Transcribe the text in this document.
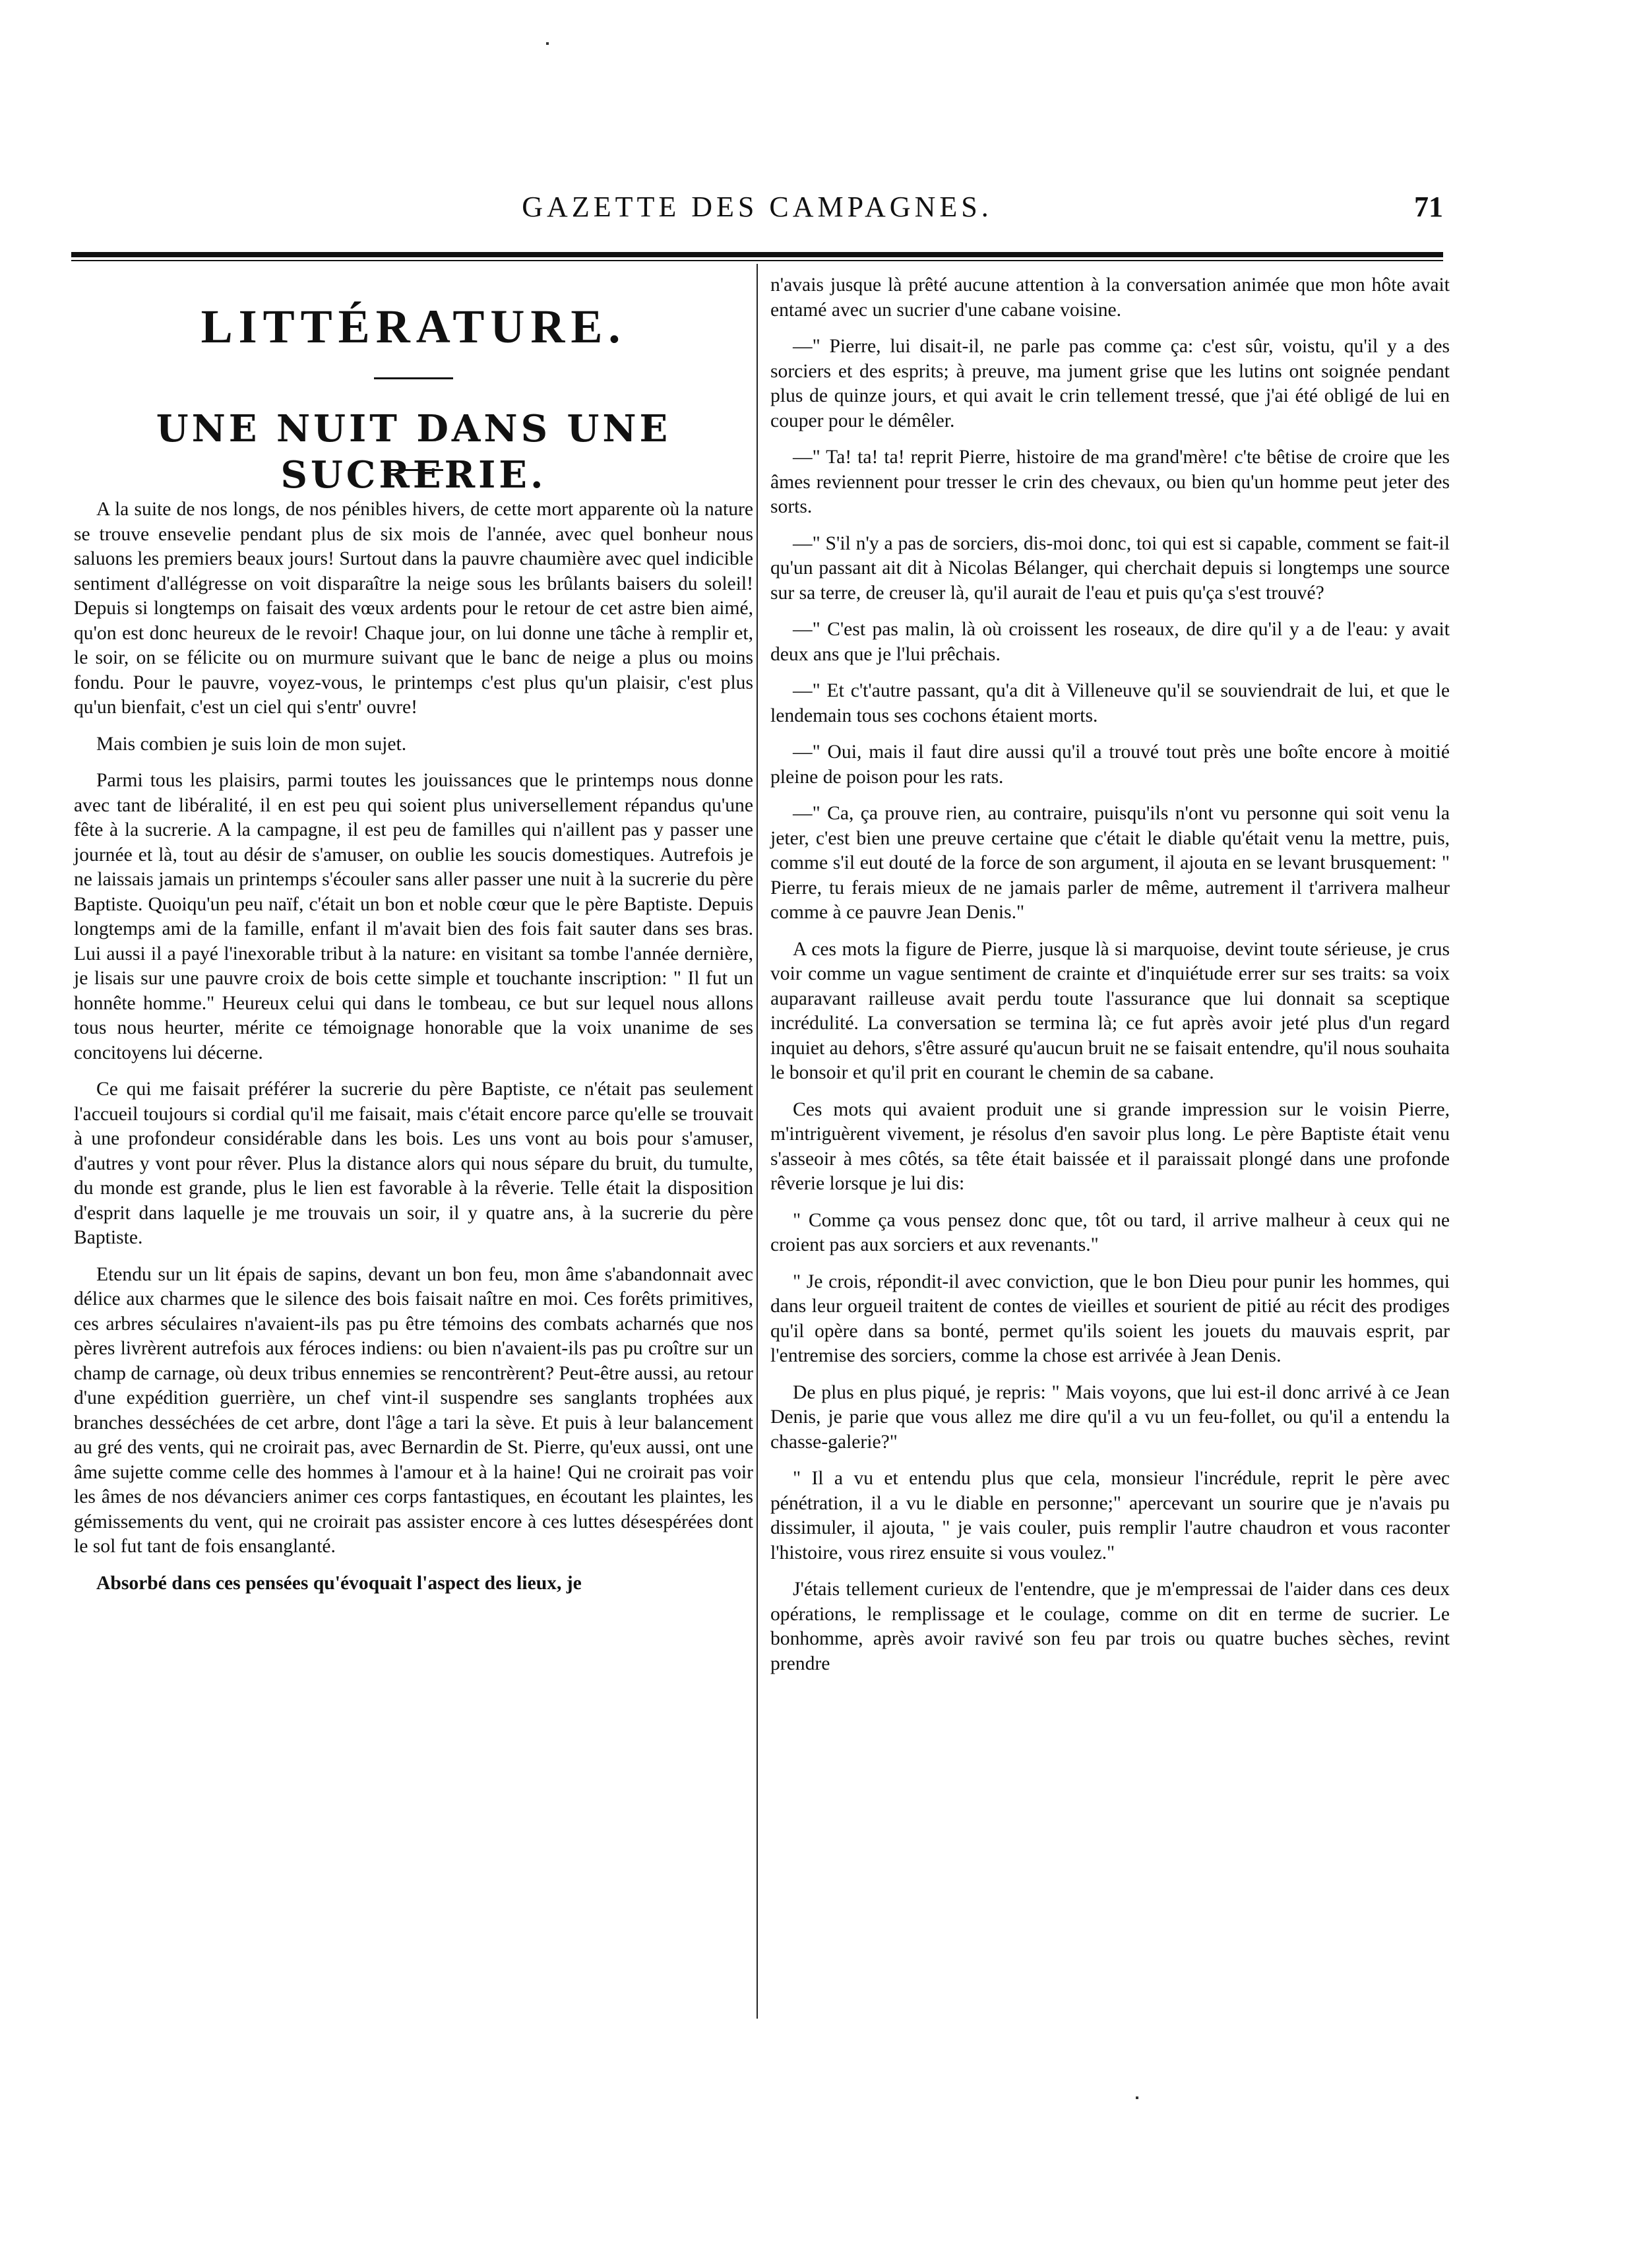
GAZETTE DES CAMPAGNES.	71
LITTÉRATURE.
UNE NUIT DANS UNE SUCRERIE.

A la suite de nos longs, de nos pénibles hivers, de cette mort apparente où la nature se trouve ensevelie pendant plus de six mois de l'année, avec quel bonheur nous saluons les premiers beaux jours! Surtout dans la pauvre chaumière avec quel indicible sentiment d'allégresse on voit disparaître la neige sous les brûlants baisers du soleil! Depuis si longtemps on faisait des vœux ardents pour le retour de cet astre bien aimé, qu'on est donc heureux de le revoir! Chaque jour, on lui donne une tâche à remplir et, le soir, on se félicite ou on murmure suivant que le banc de neige a plus ou moins fondu. Pour le pauvre, voyez-vous, le printemps c'est plus qu'un plaisir, c'est plus qu'un bienfait, c'est un ciel qui s'entr' ouvre!

Mais combien je suis loin de mon sujet.

Parmi tous les plaisirs, parmi toutes les jouissances que le printemps nous donne avec tant de libéralité, il en est peu qui soient plus universellement répandus qu'une fête à la sucrerie. A la campagne, il est peu de familles qui n'aillent pas y passer une journée et là, tout au désir de s'amuser, on oublie les soucis domestiques. Autrefois je ne laissais jamais un printemps s'écouler sans aller passer une nuit à la sucrerie du père Baptiste. Quoiqu'un peu naïf, c'était un bon et noble cœur que le père Baptiste. Depuis longtemps ami de la famille, enfant il m'avait bien des fois fait sauter dans ses bras. Lui aussi il a payé l'inexorable tribut à la nature: en visitant sa tombe l'année dernière, je lisais sur une pauvre croix de bois cette simple et touchante inscription: " Il fut un honnête homme." Heureux celui qui dans le tombeau, ce but sur lequel nous allons tous nous heurter, mérite ce témoignage honorable que la voix unanime de ses concitoyens lui décerne.

Ce qui me faisait préférer la sucrerie du père Baptiste, ce n'était pas seulement l'accueil toujours si cordial qu'il me faisait, mais c'était encore parce qu'elle se trouvait à une profondeur considérable dans les bois. Les uns vont au bois pour s'amuser, d'autres y vont pour rêver. Plus la distance alors qui nous sépare du bruit, du tumulte, du monde est grande, plus le lien est favorable à la rêverie. Telle était la disposition d'esprit dans laquelle je me trouvais un soir, il y quatre ans, à la sucrerie du père Baptiste.

Etendu sur un lit épais de sapins, devant un bon feu, mon âme s'abandonnait avec délice aux charmes que le silence des bois faisait naître en moi. Ces forêts primitives, ces arbres séculaires n'avaient-ils pas pu être témoins des combats acharnés que nos pères livrèrent autrefois aux féroces indiens: ou bien n'avaient-ils pas pu croître sur un champ de carnage, où deux tribus ennemies se rencontrèrent? Peut-être aussi, au retour d'une expédition guerrière, un chef vint-il suspendre ses sanglants trophées aux branches desséchées de cet arbre, dont l'âge a tari la sève. Et puis à leur balancement au gré des vents, qui ne croirait pas, avec Bernardin de St. Pierre, qu'eux aussi, ont une âme sujette comme celle des hommes à l'amour et à la haine! Qui ne croirait pas voir les âmes de nos dévanciers animer ces corps fantastiques, en écoutant les plaintes, les gémissements du vent, qui ne croirait pas assister encore à ces luttes désespérées dont le sol fut tant de fois ensanglanté.

Absorbé dans ces pensées qu'évoquait l'aspect des lieux, je

n'avais jusque là prêté aucune attention à la conversation animée que mon hôte avait entamé avec un sucrier d'une cabane voisine.

—" Pierre, lui disait-il, ne parle pas comme ça: c'est sûr, voistu, qu'il y a des sorciers et des esprits; à preuve, ma jument grise que les lutins ont soignée pendant plus de quinze jours, et qui avait le crin tellement tressé, que j'ai été obligé de lui en couper pour le démêler.

—" Ta! ta! ta! reprit Pierre, histoire de ma grand'mère! c'te bêtise de croire que les âmes reviennent pour tresser le crin des chevaux, ou bien qu'un homme peut jeter des sorts.

—" S'il n'y a pas de sorciers, dis-moi donc, toi qui est si capable, comment se fait-il qu'un passant ait dit à Nicolas Bélanger, qui cherchait depuis si longtemps une source sur sa terre, de creuser là, qu'il aurait de l'eau et puis qu'ça s'est trouvé?

—" C'est pas malin, là où croissent les roseaux, de dire qu'il y a de l'eau: y avait deux ans que je l'lui prêchais.

—" Et c't'autre passant, qu'a dit à Villeneuve qu'il se souviendrait de lui, et que le lendemain tous ses cochons étaient morts.

—" Oui, mais il faut dire aussi qu'il a trouvé tout près une boîte encore à moitié pleine de poison pour les rats.

—" Ca, ça prouve rien, au contraire, puisqu'ils n'ont vu personne qui soit venu la jeter, c'est bien une preuve certaine que c'était le diable qu'était venu la mettre, puis, comme s'il eut douté de la force de son argument, il ajouta en se levant brusquement: " Pierre, tu ferais mieux de ne jamais parler de même, autrement il t'arrivera malheur comme à ce pauvre Jean Denis."

A ces mots la figure de Pierre, jusque là si marquoise, devint toute sérieuse, je crus voir comme un vague sentiment de crainte et d'inquiétude errer sur ses traits: sa voix auparavant railleuse avait perdu toute l'assurance que lui donnait sa sceptique incrédulité. La conversation se termina là; ce fut après avoir jeté plus d'un regard inquiet au dehors, s'être assuré qu'aucun bruit ne se faisait entendre, qu'il nous souhaita le bonsoir et qu'il prit en courant le chemin de sa cabane.

Ces mots qui avaient produit une si grande impression sur le voisin Pierre, m'intriguèrent vivement, je résolus d'en savoir plus long. Le père Baptiste était venu s'asseoir à mes côtés, sa tête était baissée et il paraissait plongé dans une profonde rêverie lorsque je lui dis:

" Comme ça vous pensez donc que, tôt ou tard, il arrive malheur à ceux qui ne croient pas aux sorciers et aux revenants."

" Je crois, répondit-il avec conviction, que le bon Dieu pour punir les hommes, qui dans leur orgueil traitent de contes de vieilles et sourient de pitié au récit des prodiges qu'il opère dans sa bonté, permet qu'ils soient les jouets du mauvais esprit, par l'entremise des sorciers, comme la chose est arrivée à Jean Denis.

De plus en plus piqué, je repris: " Mais voyons, que lui est-il donc arrivé à ce Jean Denis, je parie que vous allez me dire qu'il a vu un feu-follet, ou qu'il a entendu la chasse-galerie?"

" Il a vu et entendu plus que cela, monsieur l'incrédule, reprit le père avec pénétration, il a vu le diable en personne;" apercevant un sourire que je n'avais pu dissimuler, il ajouta, " je vais couler, puis remplir l'autre chaudron et vous raconter l'histoire, vous rirez ensuite si vous voulez."

J'étais tellement curieux de l'entendre, que je m'empressai de l'aider dans ces deux opérations, le remplissage et le coulage, comme on dit en terme de sucrier. Le bonhomme, après avoir ravivé son feu par trois ou quatre buches sèches, revint prendre
